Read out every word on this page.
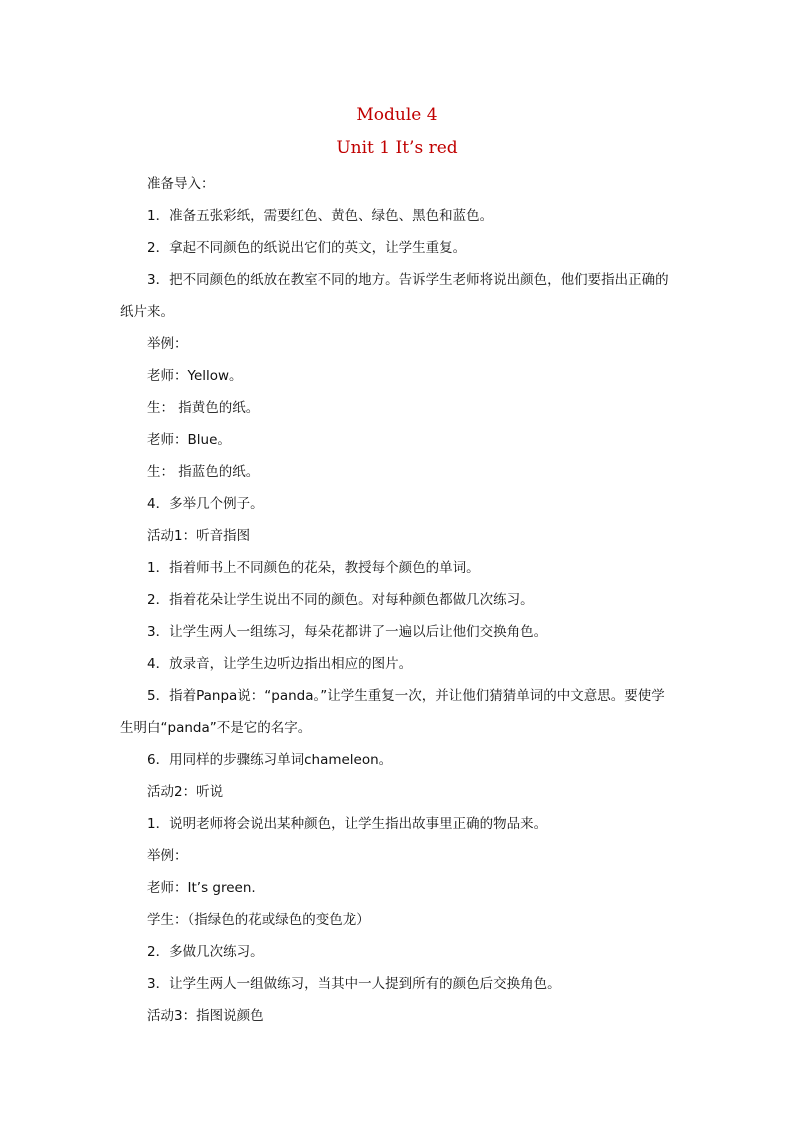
Module 4
Unit 1 It’s red

准备导入：

1．准备五张彩纸，需要红色、黄色、绿色、黑色和蓝色。

2．拿起不同颜色的纸说出它们的英文，让学生重复。

3．把不同颜色的纸放在教室不同的地方。告诉学生老师将说出颜色，他们要指出正确的纸片来。

举例：

老师：Yellow。

生： 指黄色的纸。

老师：Blue。

生： 指蓝色的纸。

4．多举几个例子。

活动1：听音指图

1．指着师书上不同颜色的花朵，教授每个颜色的单词。

2．指着花朵让学生说出不同的颜色。对每种颜色都做几次练习。

3．让学生两人一组练习，每朵花都讲了一遍以后让他们交换角色。

4．放录音，让学生边听边指出相应的图片。

5．指着Panpa说：“panda。”让学生重复一次，并让他们猜猜单词的中文意思。要使学生明白“panda”不是它的名字。

6．用同样的步骤练习单词chameleon。

活动2：听说

1．说明老师将会说出某种颜色，让学生指出故事里正确的物品来。

举例：

老师：It’s green.

学生：（指绿色的花或绿色的变色龙）

2．多做几次练习。

3．让学生两人一组做练习，当其中一人提到所有的颜色后交换角色。

活动3：指图说颜色
